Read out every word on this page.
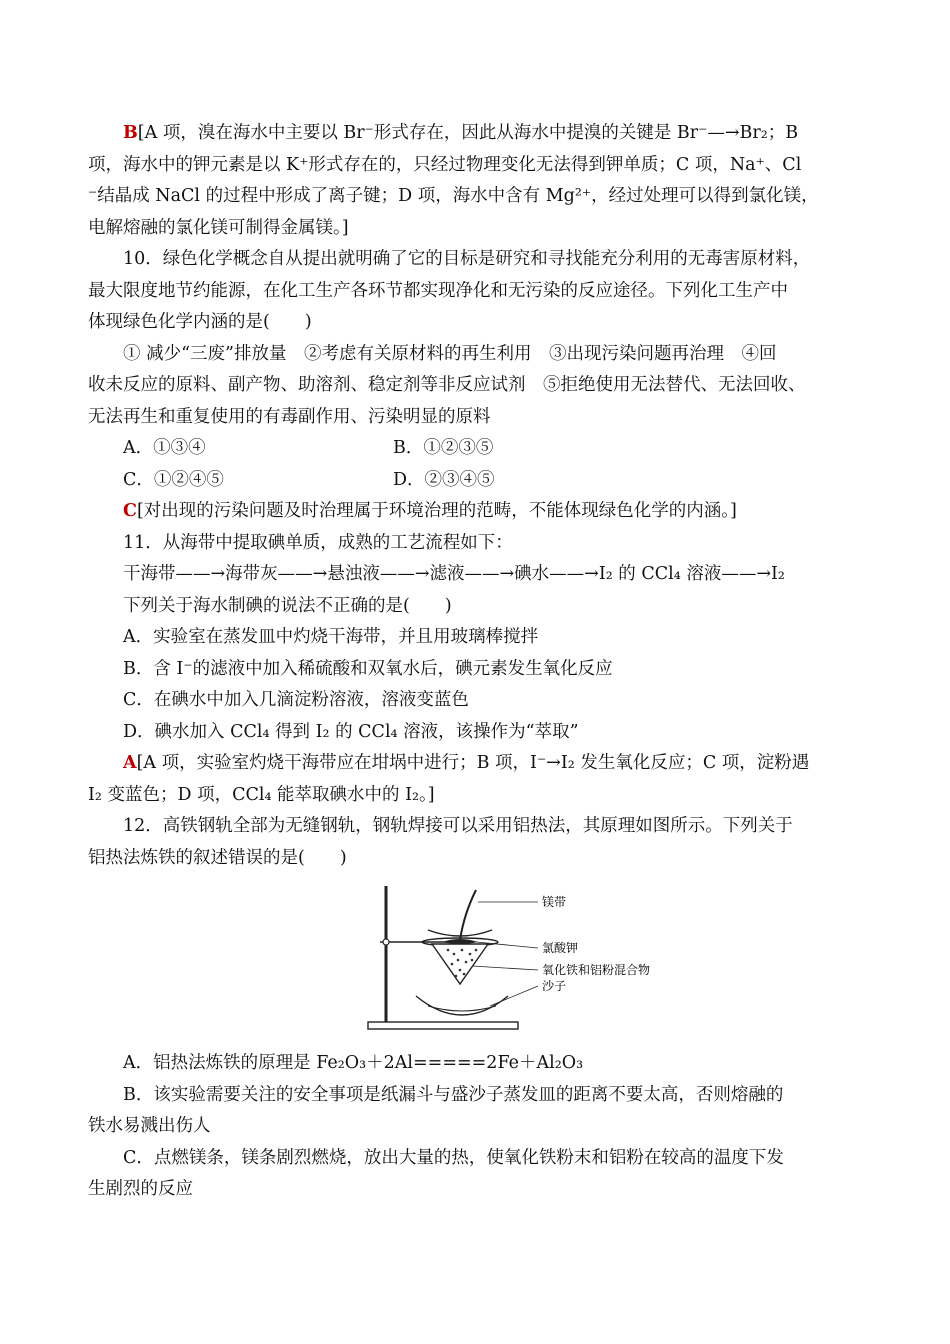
B[A 项，溴在海水中主要以 Br⁻形式存在，因此从海水中提溴的关键是 Br⁻—→Br₂；B
项，海水中的钾元素是以 K⁺形式存在的，只经过物理变化无法得到钾单质；C 项，Na⁺、Cl
⁻结晶成 NaCl 的过程中形成了离子键；D 项，海水中含有 Mg²⁺，经过处理可以得到氯化镁，
电解熔融的氯化镁可制得金属镁。]
10．绿色化学概念自从提出就明确了它的目标是研究和寻找能充分利用的无毒害原材料，
最大限度地节约能源，在化工生产各环节都实现净化和无污染的反应途径。下列化工生产中
体现绿色化学内涵的是(　　)
① 减少“三废”排放量　②考虑有关原材料的再生利用　③出现污染问题再治理　④回
收未反应的原料、副产物、助溶剂、稳定剂等非反应试剂　⑤拒绝使用无法替代、无法回收、
无法再生和重复使用的有毒副作用、污染明显的原料
A．①③④	B．①②③⑤
C．①②④⑤	D．②③④⑤
C[对出现的污染问题及时治理属于环境治理的范畴，不能体现绿色化学的内涵。]
11．从海带中提取碘单质，成熟的工艺流程如下：
干海带——→海带灰——→悬浊液——→滤液——→碘水——→I₂ 的 CCl₄ 溶液——→I₂
下列关于海水制碘的说法不正确的是(　　)
A．实验室在蒸发皿中灼烧干海带，并且用玻璃棒搅拌
B．含 I⁻的滤液中加入稀硫酸和双氧水后，碘元素发生氧化反应
C．在碘水中加入几滴淀粉溶液，溶液变蓝色
D．碘水加入 CCl₄ 得到 I₂ 的 CCl₄ 溶液，该操作为“萃取”
A[A 项，实验室灼烧干海带应在坩埚中进行；B 项，I⁻→I₂ 发生氧化反应；C 项，淀粉遇
I₂ 变蓝色；D 项，CCl₄ 能萃取碘水中的 I₂。]
12．高铁钢轨全部为无缝钢轨，钢轨焊接可以采用铝热法，其原理如图所示。下列关于
铝热法炼铁的叙述错误的是(　　)
镁带
氯酸钾
氧化铁和铝粉混合物
沙子
A．铝热法炼铁的原理是 Fe₂O₃＋2Al=====2Fe＋Al₂O₃
B．该实验需要关注的安全事项是纸漏斗与盛沙子蒸发皿的距离不要太高，否则熔融的
铁水易溅出伤人
C．点燃镁条，镁条剧烈燃烧，放出大量的热，使氧化铁粉末和铝粉在较高的温度下发
生剧烈的反应
